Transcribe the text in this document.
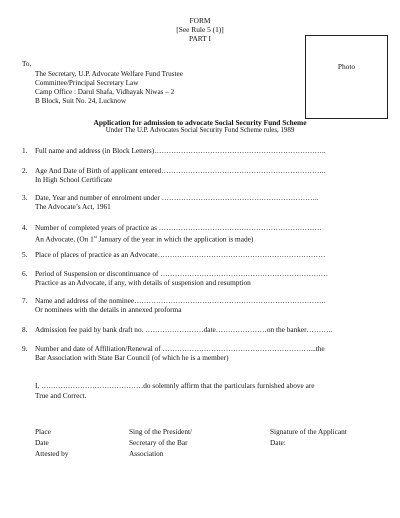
FORM
[See Rule 5 (1)]
PART I
Photo
To,
The Secretary, U.P. Advocate Welfare Fund Trustee
Committee/Principal Secretary Law
Camp Office : Darul Shafa, Vidhayak Niwas – 2
B Block, Suit No. 24, Lucknow
Application for admission to advocate Social Security Fund Scheme
Under The U.P. Advocates Social Security Fund Scheme rules, 1989
1. Full name and address (in Block Letters)……………………………………………………………..
2. Age And Date of Birth of applicant entered…………………………………………………………..
In High School Certificate
3. Date, Year and number of enrolment under ………………………………………………………..
The Advocate’s Act, 1961
4. Number of completed years of practice as ………………………………………………………….
An Advocate, (On 1st January of the year in which the application is made)
5. Place of places of practice as an Advocate……………………………………………………………
6. Period of Suspension or discontinuance of ……………………………………………………………
Practice as an Advocate, if any, with details of suspension and resumption
7. Name and address of the nominee…………………………………………………………………….
Or nominees with the details in annexed proforma
8. Admission fee paid by bank draft no. ……………………date…………………on the banker………..
9. Number and date of Affiliation/Renewal of ……………………………………………………....the
Bar Association with State Bar Council (of which he is a member)
I, ……………………………………do solemnly affirm that the particulars furnished above are
True and Correct.
Place
Date
Attested by
Sing of the President/
Secretary of the Bar
Association
Signature of the Applicant
Date:
